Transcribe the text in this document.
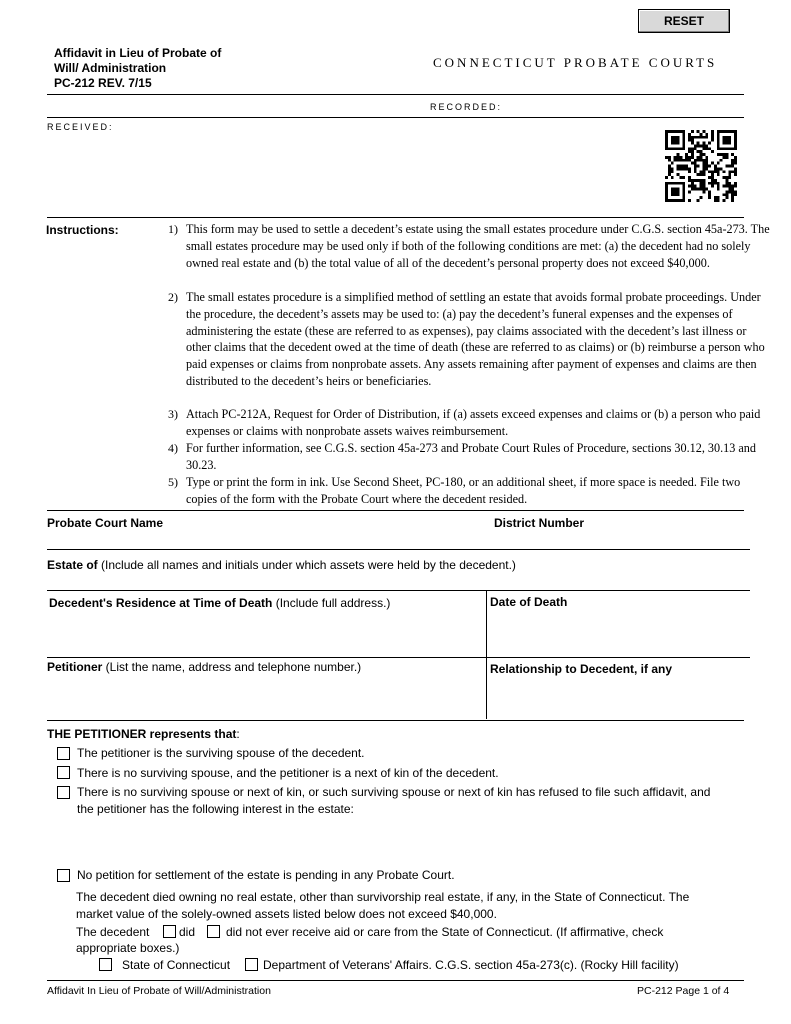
RESET
Affidavit in Lieu of Probate of
Will/ Administration
PC-212 REV. 7/15
CONNECTICUT PROBATE COURTS
RECORDED:
RECEIVED:
Instructions:	1) This form may be used to settle a decedent’s estate using the small estates procedure under C.G.S. section 45a-273. The small estates procedure may be used only if both of the following conditions are met: (a) the decedent had no solely owned real estate and (b) the total value of all of the decedent’s personal property does not exceed $40,000.
2) The small estates procedure is a simplified method of settling an estate that avoids formal probate proceedings. Under the procedure, the decedent’s assets may be used to: (a) pay the decedent’s funeral expenses and the expenses of administering the estate (these are referred to as expenses), pay claims associated with the decedent’s last illness or other claims that the decedent owed at the time of death (these are referred to as claims) or (b) reimburse a person who paid expenses or claims from nonprobate assets. Any assets remaining after payment of expenses and claims are then distributed to the decedent’s heirs or beneficiaries.
3) Attach PC-212A, Request for Order of Distribution, if (a) assets exceed expenses and claims or (b) a person who paid expenses or claims with nonprobate assets waives reimbursement.
4) For further information, see C.G.S. section 45a-273 and Probate Court Rules of Procedure, sections 30.12, 30.13 and 30.23.
5) Type or print the form in ink. Use Second Sheet, PC-180, or an additional sheet, if more space is needed. File two copies of the form with the Probate Court where the decedent resided.
Probate Court Name	District Number
Estate of (Include all names and initials under which assets were held by the decedent.)
Decedent's Residence at Time of Death (Include full address.)	Date of Death
Petitioner (List the name, address and telephone number.)	Relationship to Decedent, if any
THE PETITIONER represents that:
The petitioner is the surviving spouse of the decedent.
There is no surviving spouse, and the petitioner is a next of kin of the decedent.
There is no surviving spouse or next of kin, or such surviving spouse or next of kin has refused to file such affidavit, and the petitioner has the following interest in the estate:
No petition for settlement of the estate is pending in any Probate Court.
The decedent died owning no real estate, other than survivorship real estate, if any, in the State of Connecticut. The market value of the solely-owned assets listed below does not exceed $40,000.
The decedent did	did not ever receive aid or care from the State of Connecticut. (If affirmative, check
appropriate boxes.)
State of Connecticut	Department of Veterans' Affairs. C.G.S. section 45a-273(c). (Rocky Hill facility)
Affidavit In Lieu of Probate of Will/Administration	PC-212 Page 1 of 4
